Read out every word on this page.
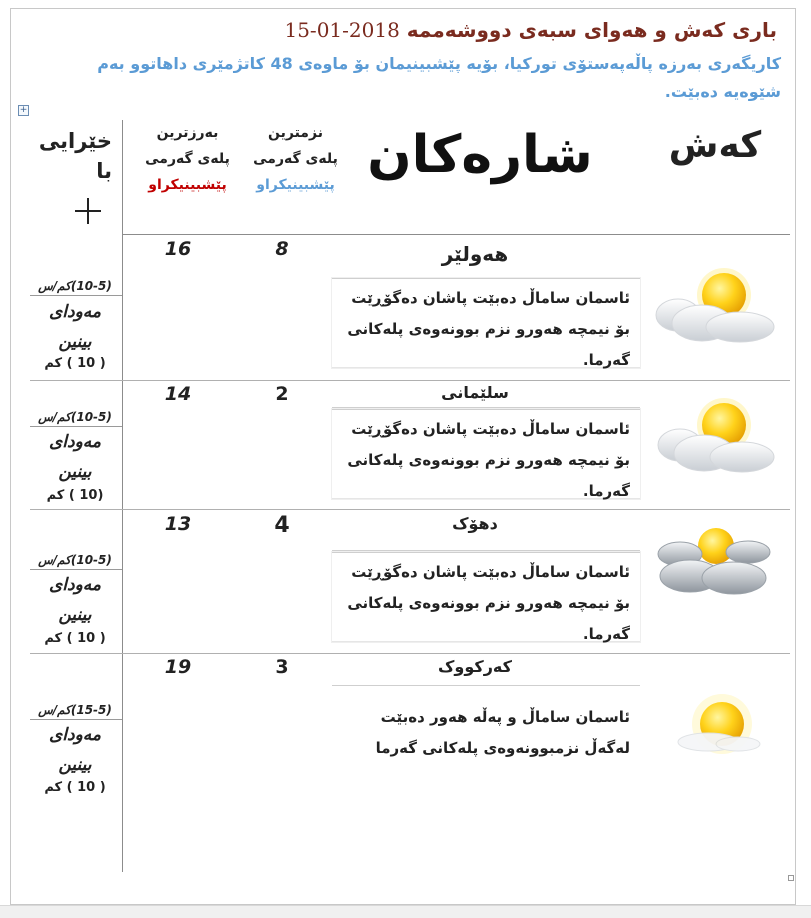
باری کەش و هەوای سبەی دووشەممە 2018-01-15
کاریگەری بەرزە پاڵەپەستۆی تورکیا، بۆیە پێشبینیمان بۆ ماوەی 48 کاتژمێری داهاتوو بەم شێوەیە دەبێت.
+
کەش
شارەکان
نزمترین
پلەی گەرمی
پێشبینیکراو
بەرزترین
پلەی گەرمی
پێشبینیکراو
خێرایی
با
16	8	هەولێر
ئاسمان ساماڵ دەبێت پاشان دەگۆڕێت بۆ نیمچە هەورو نزم بوونەوەی پلەکانی گەرما.
(10-5)کم/س
مەودای
بینین
( 10 ) کم
14	2	سلێمانی
ئاسمان ساماڵ دەبێت پاشان دەگۆڕێت بۆ نیمچە هەورو نزم بوونەوەی پلەکانی گەرما.
(10-5)کم/س
مەودای
بینین
(10 ) کم
13	4	دهۆک
ئاسمان ساماڵ دەبێت پاشان دەگۆڕێت بۆ نیمچە هەورو نزم بوونەوەی پلەکانی گەرما.
(10-5)کم/س
مەودای
بینین
( 10 ) کم
19	3	کەرکووک
ئاسمان ساماڵ و پەڵە هەور دەبێت لەگەڵ نزمبوونەوەی پلەکانی گەرما
(15-5)کم/س
مەودای
بینین
( 10 ) کم
